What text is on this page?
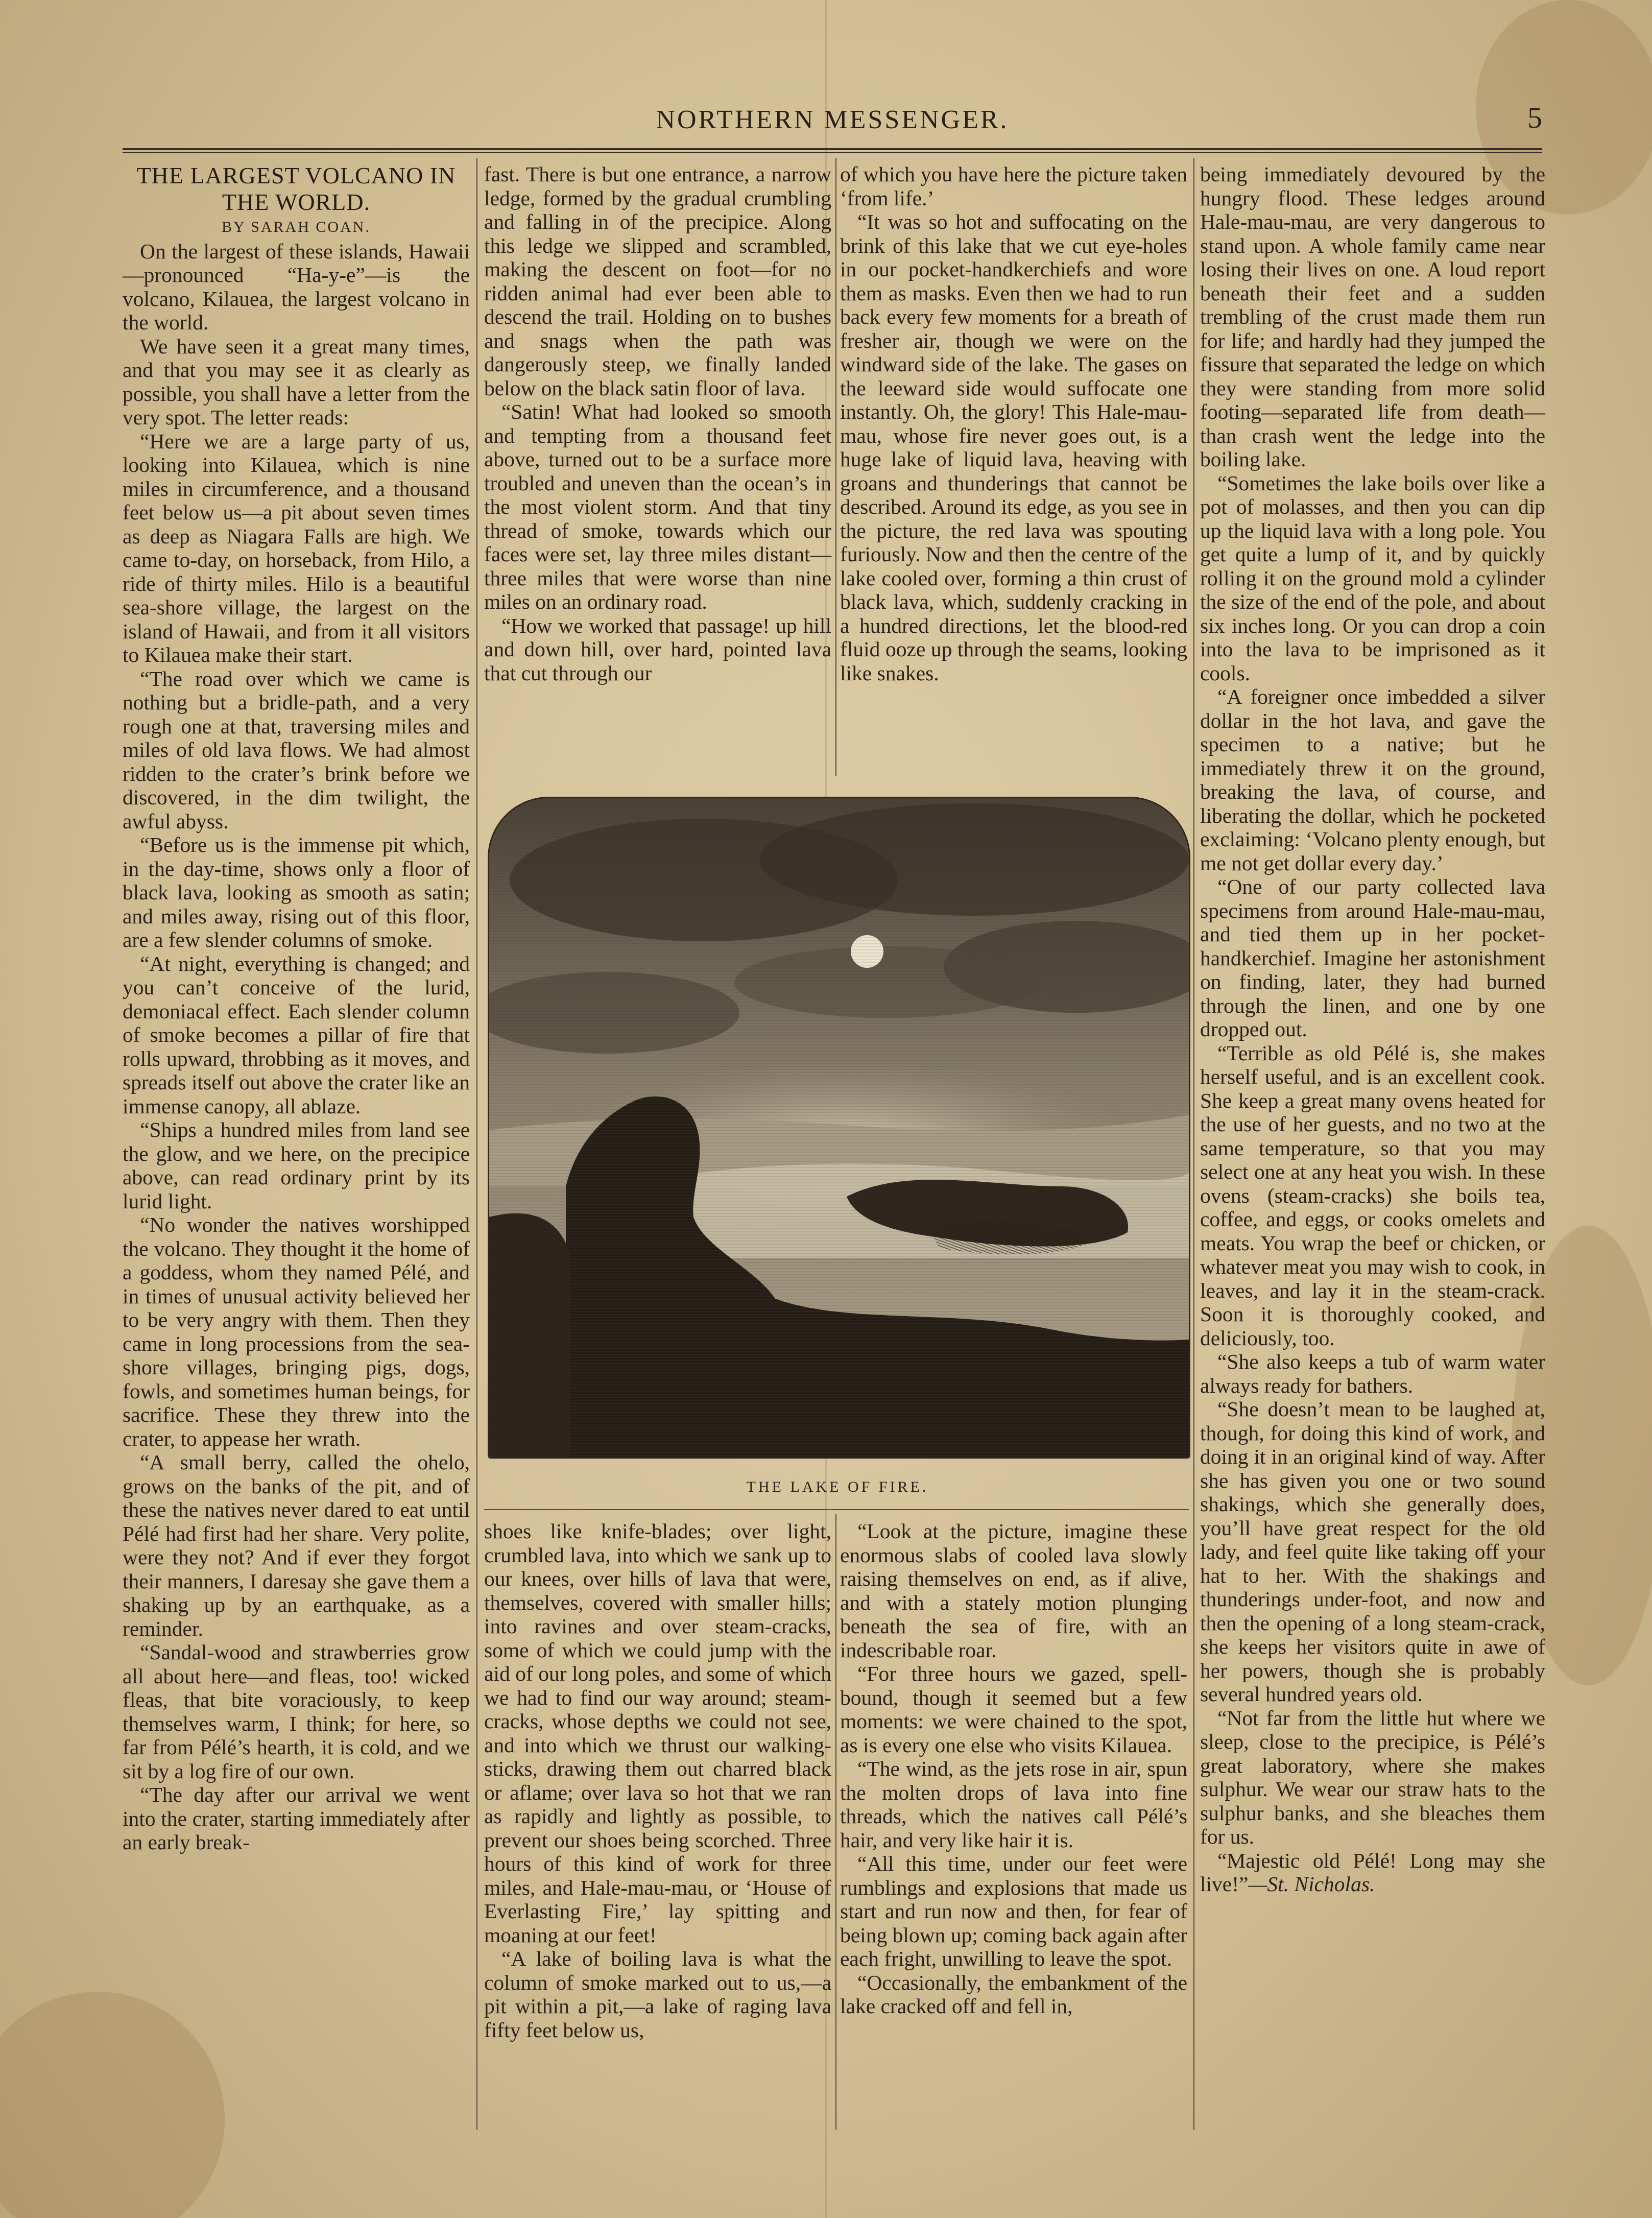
NORTHERN MESSENGER.	5

THE LARGEST VOLCANO IN
THE WORLD.

BY SARAH COAN.

On the largest of these islands, Hawaii—pronounced “Ha-y-e”—is the volcano, Kilauea, the largest volcano in the world.

We have seen it a great many times, and that you may see it as clearly as possible, you shall have a letter from the very spot. The letter reads:

“Here we are a large party of us, looking into Kilauea, which is nine miles in circumference, and a thousand feet below us—a pit about seven times as deep as Niagara Falls are high. We came to-day, on horseback, from Hilo, a ride of thirty miles. Hilo is a beautiful sea-shore village, the largest on the island of Hawaii, and from it all visitors to Kilauea make their start.

“The road over which we came is nothing but a bridle-path, and a very rough one at that, traversing miles and miles of old lava flows. We had almost ridden to the crater’s brink before we discovered, in the dim twilight, the awful abyss.

“Before us is the immense pit which, in the day-time, shows only a floor of black lava, looking as smooth as satin; and miles away, rising out of this floor, are a few slender columns of smoke.

“At night, everything is changed; and you can’t conceive of the lurid, demoniacal effect. Each slender column of smoke becomes a pillar of fire that rolls upward, throbbing as it moves, and spreads itself out above the crater like an immense canopy, all ablaze.

“Ships a hundred miles from land see the glow, and we here, on the precipice above, can read ordinary print by its lurid light.

“No wonder the natives worshipped the volcano. They thought it the home of a goddess, whom they named Pélé, and in times of unusual activity believed her to be very angry with them. Then they came in long processions from the sea-shore villages, bringing pigs, dogs, fowls, and sometimes human beings, for sacrifice. These they threw into the crater, to appease her wrath.

“A small berry, called the ohelo, grows on the banks of the pit, and of these the natives never dared to eat until Pélé had first had her share. Very polite, were they not? And if ever they forgot their manners, I daresay she gave them a shaking up by an earthquake, as a reminder.

“Sandal-wood and strawberries grow all about here—and fleas, too! wicked fleas, that bite voraciously, to keep themselves warm, I think; for here, so far from Pélé’s hearth, it is cold, and we sit by a log fire of our own.

“The day after our arrival we went into the crater, starting immediately after an early break-

fast. There is but one entrance, a narrow ledge, formed by the gradual crumbling and falling in of the precipice. Along this ledge we slipped and scrambled, making the descent on foot—for no ridden animal had ever been able to descend the trail. Holding on to bushes and snags when the path was dangerously steep, we finally landed below on the black satin floor of lava.

“Satin! What had looked so smooth and tempting from a thousand feet above, turned out to be a surface more troubled and uneven than the ocean’s in the most violent storm. And that tiny thread of smoke, towards which our faces were set, lay three miles distant—three miles that were worse than nine miles on an ordinary road.

“How we worked that passage! up hill and down hill, over hard, pointed lava that cut through our

of which you have here the picture taken ‘from life.’

“It was so hot and suffocating on the brink of this lake that we cut eye-holes in our pocket-handkerchiefs and wore them as masks. Even then we had to run back every few moments for a breath of fresher air, though we were on the windward side of the lake. The gases on the leeward side would suffocate one instantly. Oh, the glory! This Hale-mau-mau, whose fire never goes out, is a huge lake of liquid lava, heaving with groans and thunderings that cannot be described. Around its edge, as you see in the picture, the red lava was spouting furiously. Now and then the centre of the lake cooled over, forming a thin crust of black lava, which, suddenly cracking in a hundred directions, let the blood-red fluid ooze up through the seams, looking like snakes.

THE LAKE OF FIRE.

shoes like knife-blades; over light, crumbled lava, into which we sank up to our knees, over hills of lava that were, themselves, covered with smaller hills; into ravines and over steam-cracks, some of which we could jump with the aid of our long poles, and some of which we had to find our way around; steam-cracks, whose depths we could not see, and into which we thrust our walking-sticks, drawing them out charred black or aflame; over lava so hot that we ran as rapidly and lightly as possible, to prevent our shoes being scorched. Three hours of this kind of work for three miles, and Hale-mau-mau, or ‘House of Everlasting Fire,’ lay spitting and moaning at our feet!

“A lake of boiling lava is what the column of smoke marked out to us,—a pit within a pit,—a lake of raging lava fifty feet below us,

“Look at the picture, imagine these enormous slabs of cooled lava slowly raising themselves on end, as if alive, and with a stately motion plunging beneath the sea of fire, with an indescribable roar.

“For three hours we gazed, spell-bound, though it seemed but a few moments: we were chained to the spot, as is every one else who visits Kilauea.

“The wind, as the jets rose in air, spun the molten drops of lava into fine threads, which the natives call Pélé’s hair, and very like hair it is.

“All this time, under our feet were rumblings and explosions that made us start and run now and then, for fear of being blown up; coming back again after each fright, unwilling to leave the spot.

“Occasionally, the embankment of the lake cracked off and fell in,

being immediately devoured by the hungry flood. These ledges around Hale-mau-mau, are very dangerous to stand upon. A whole family came near losing their lives on one. A loud report beneath their feet and a sudden trembling of the crust made them run for life; and hardly had they jumped the fissure that separated the ledge on which they were standing from more solid footing—separated life from death—than crash went the ledge into the boiling lake.

“Sometimes the lake boils over like a pot of molasses, and then you can dip up the liquid lava with a long pole. You get quite a lump of it, and by quickly rolling it on the ground mold a cylinder the size of the end of the pole, and about six inches long. Or you can drop a coin into the lava to be imprisoned as it cools.

“A foreigner once imbedded a silver dollar in the hot lava, and gave the specimen to a native; but he immediately threw it on the ground, breaking the lava, of course, and liberating the dollar, which he pocketed exclaiming: ‘Volcano plenty enough, but me not get dollar every day.’

“One of our party collected lava specimens from around Hale-mau-mau, and tied them up in her pocket-handkerchief. Imagine her astonishment on finding, later, they had burned through the linen, and one by one dropped out.

“Terrible as old Pélé is, she makes herself useful, and is an excellent cook. She keep a great many ovens heated for the use of her guests, and no two at the same temperature, so that you may select one at any heat you wish. In these ovens (steam-cracks) she boils tea, coffee, and eggs, or cooks omelets and meats. You wrap the beef or chicken, or whatever meat you may wish to cook, in leaves, and lay it in the steam-crack. Soon it is thoroughly cooked, and deliciously, too.

“She also keeps a tub of warm water always ready for bathers.

“She doesn’t mean to be laughed at, though, for doing this kind of work, and doing it in an original kind of way. After she has given you one or two sound shakings, which she generally does, you’ll have great respect for the old lady, and feel quite like taking off your hat to her. With the shakings and thunderings under-foot, and now and then the opening of a long steam-crack, she keeps her visitors quite in awe of her powers, though she is probably several hundred years old.

“Not far from the little hut where we sleep, close to the precipice, is Pélé’s great laboratory, where she makes sulphur. We wear our straw hats to the sulphur banks, and she bleaches them for us.

“Majestic old Pélé! Long may she live!”—St. Nicholas.
